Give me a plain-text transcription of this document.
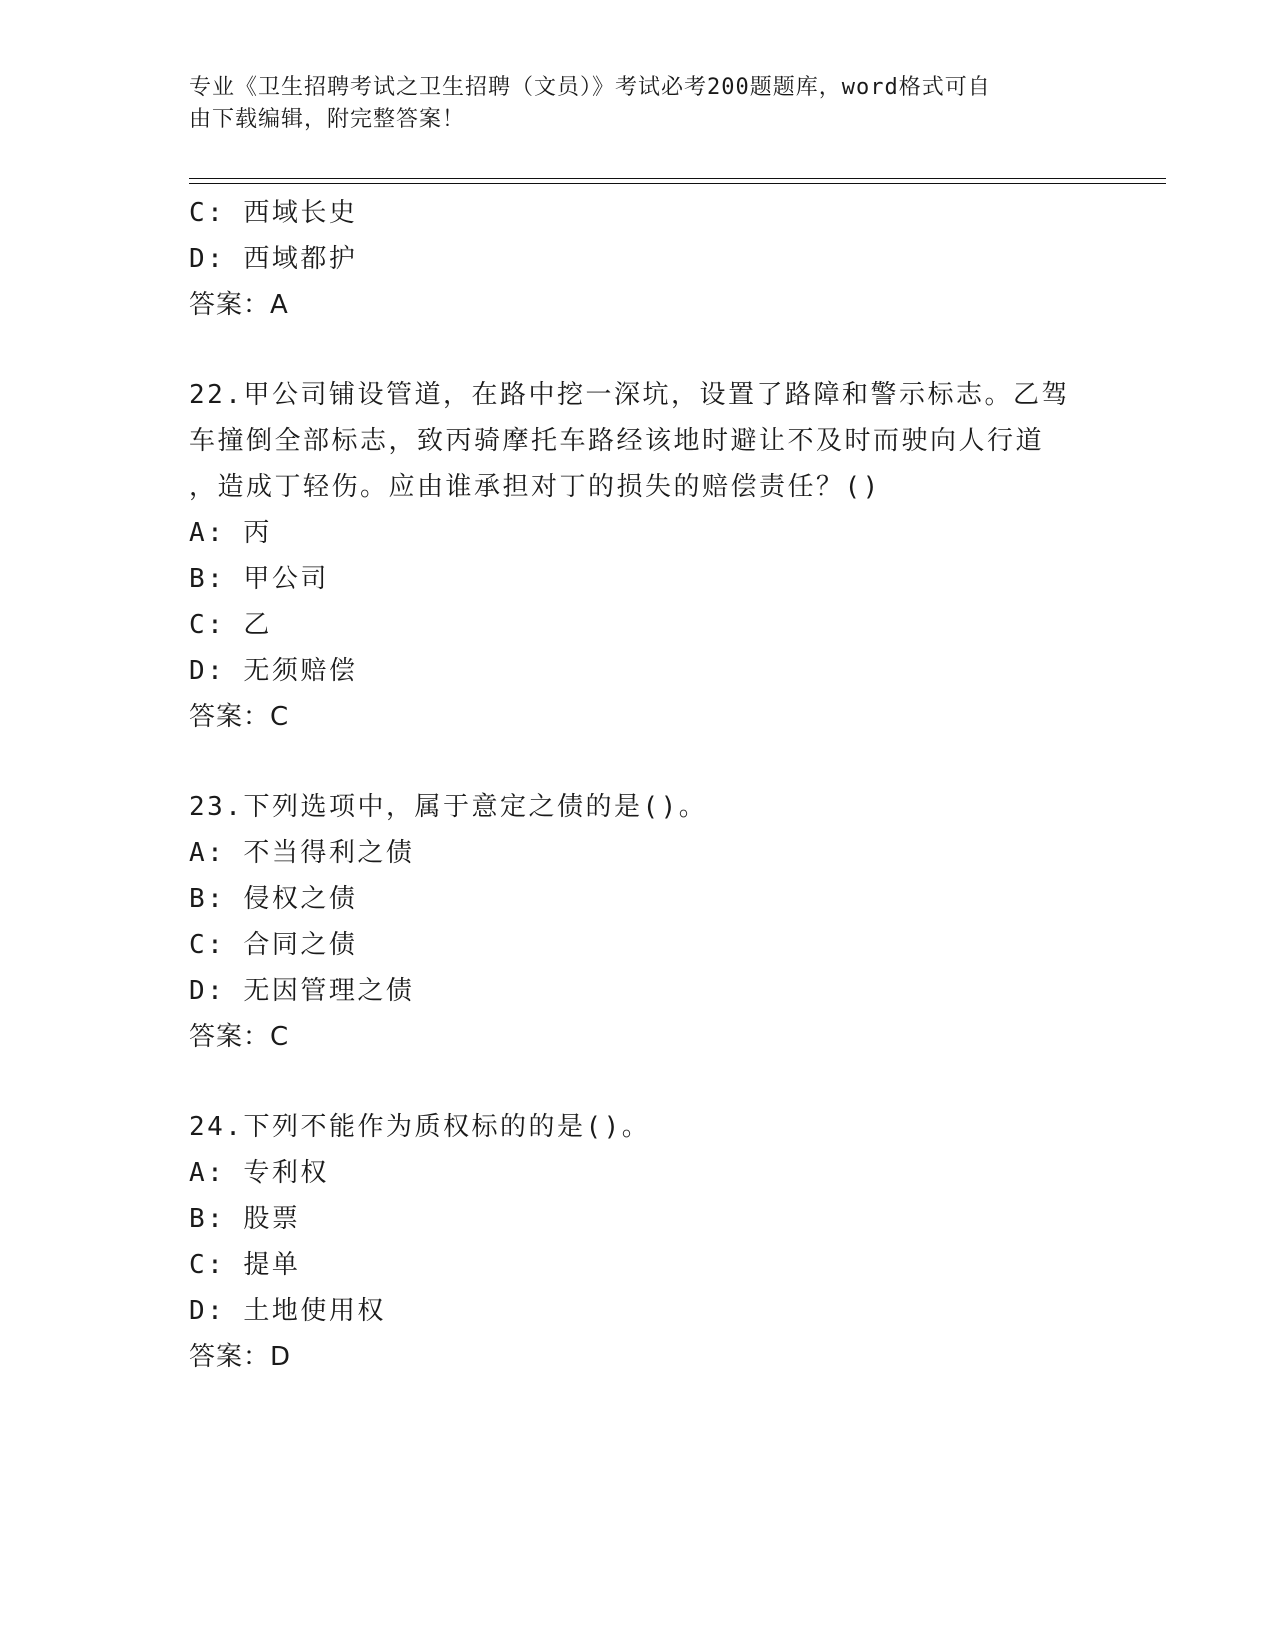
专业《卫生招聘考试之卫生招聘（文员）》考试必考200题题库，word格式可自
由下载编辑，附完整答案！
C: 西域长史
D: 西域都护
答案：A
22.甲公司铺设管道，在路中挖一深坑，设置了路障和警示标志。乙驾
车撞倒全部标志，致丙骑摩托车路经该地时避让不及时而驶向人行道
，造成丁轻伤。应由谁承担对丁的损失的赔偿责任？()
A: 丙
B: 甲公司
C: 乙
D: 无须赔偿
答案：C
23.下列选项中，属于意定之债的是()。
A: 不当得利之债
B: 侵权之债
C: 合同之债
D: 无因管理之债
答案：C
24.下列不能作为质权标的的是()。
A: 专利权
B: 股票
C: 提单
D: 土地使用权
答案：D
